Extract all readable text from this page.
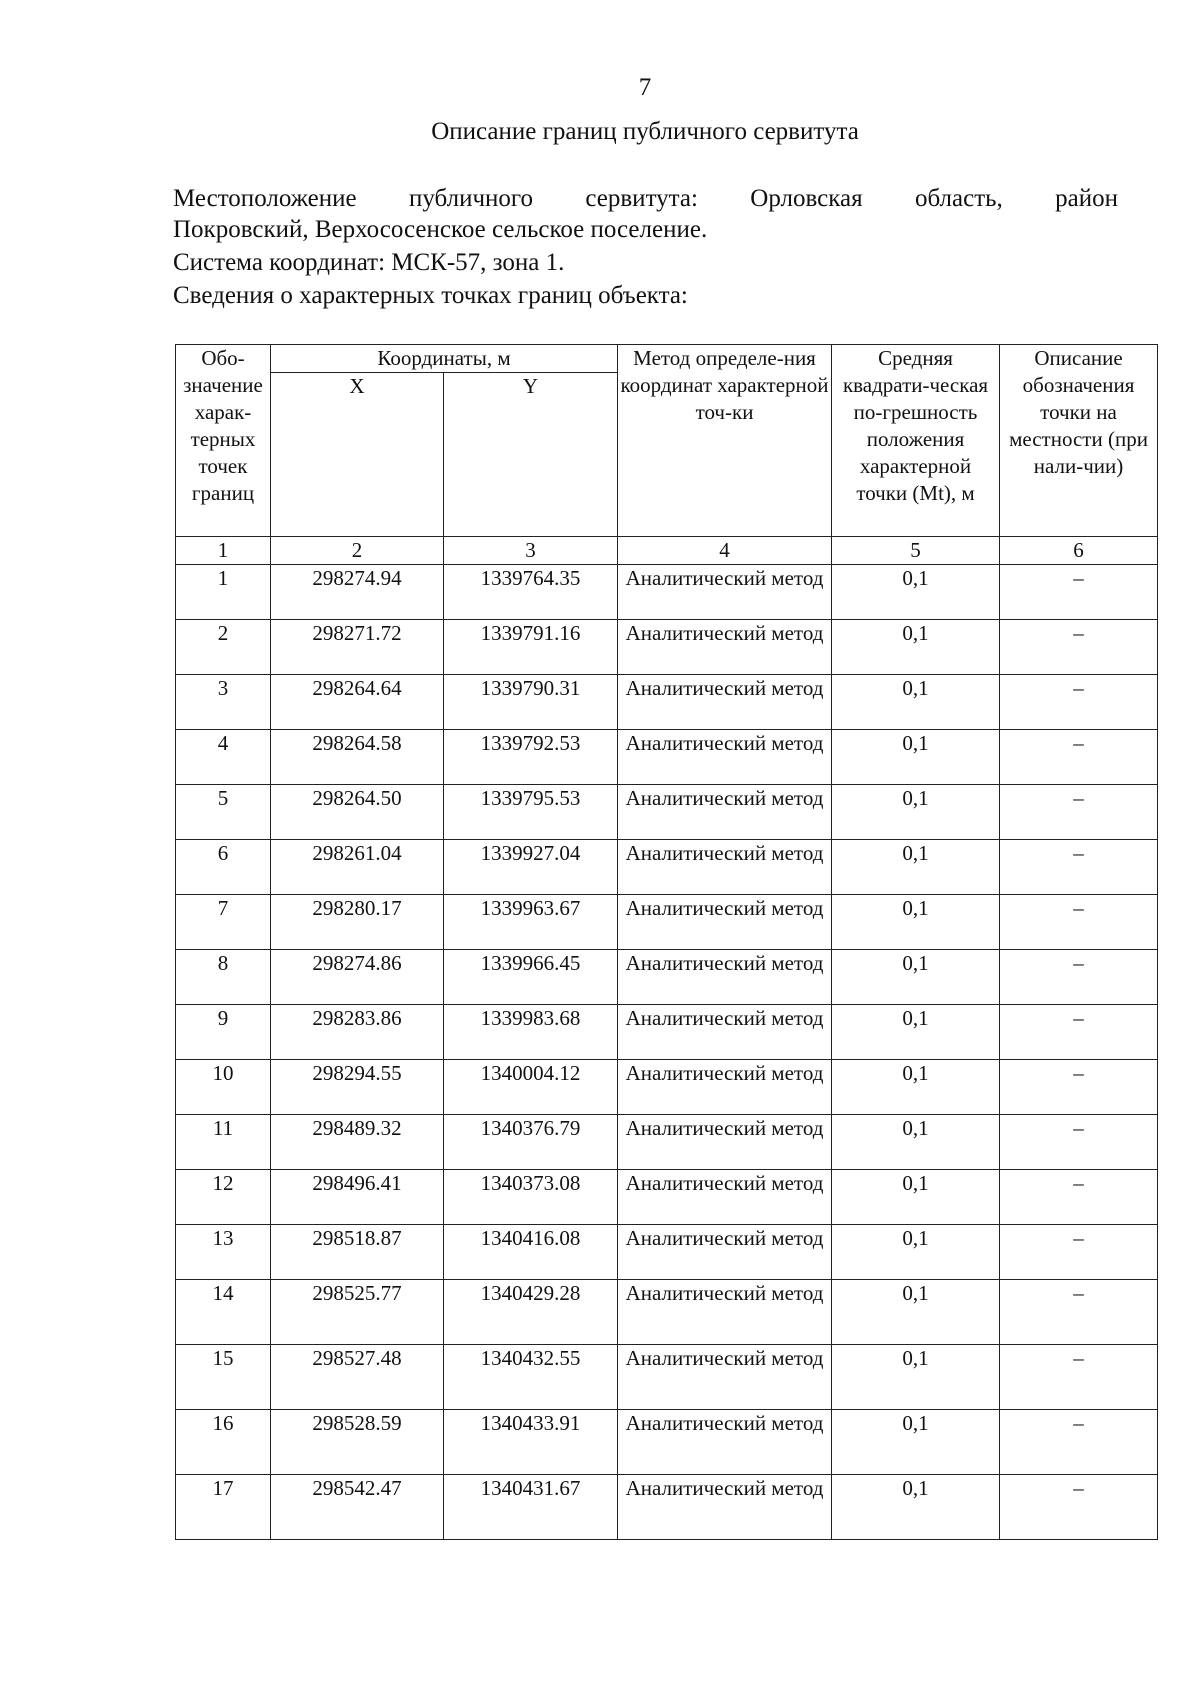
7
Описание границ публичного сервитута
Местоположение публичного сервитута: Орловская область, район
Покровский, Верхососенское сельское поселение.
Система координат: МСК-57, зона 1.
Сведения о характерных точках границ объекта:
Обо-значение харак-терных точек границ	Координаты, м		Метод определе-ния координат характерной точ-ки	Средняя квадрати-ческая по-грешность положения характерной точки (Mt), м	Описание обозначения точки на местности (при нали-чии)
	X	Y			
1	2	3	4	5	6
1	298274.94	1339764.35	Аналитический метод	0,1	–
2	298271.72	1339791.16	Аналитический метод	0,1	–
3	298264.64	1339790.31	Аналитический метод	0,1	–
4	298264.58	1339792.53	Аналитический метод	0,1	–
5	298264.50	1339795.53	Аналитический метод	0,1	–
6	298261.04	1339927.04	Аналитический метод	0,1	–
7	298280.17	1339963.67	Аналитический метод	0,1	–
8	298274.86	1339966.45	Аналитический метод	0,1	–
9	298283.86	1339983.68	Аналитический метод	0,1	–
10	298294.55	1340004.12	Аналитический метод	0,1	–
11	298489.32	1340376.79	Аналитический метод	0,1	–
12	298496.41	1340373.08	Аналитический метод	0,1	–
13	298518.87	1340416.08	Аналитический метод	0,1	–
14	298525.77	1340429.28	Аналитический метод	0,1	–
15	298527.48	1340432.55	Аналитический метод	0,1	–
16	298528.59	1340433.91	Аналитический метод	0,1	–
17	298542.47	1340431.67	Аналитический метод	0,1	–
